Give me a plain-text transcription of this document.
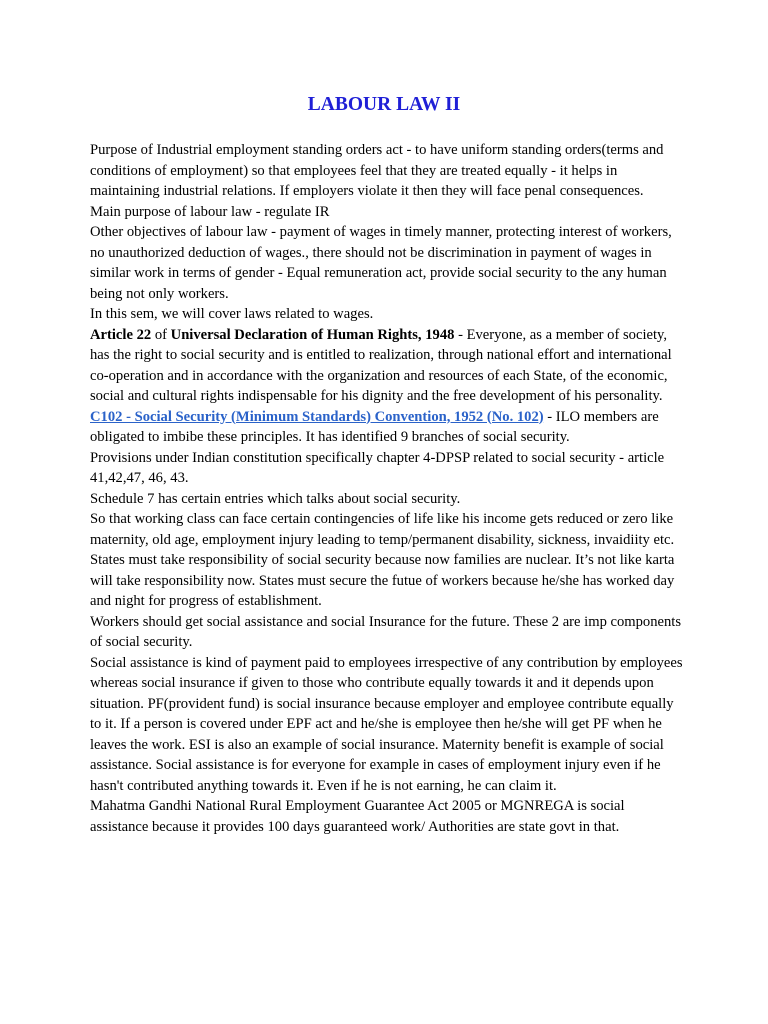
LABOUR LAW II

Purpose of Industrial employment standing orders act - to have uniform standing orders(terms and conditions of employment) so that employees feel that they are treated equally - it helps in maintaining industrial relations. If employers violate it then they will face penal consequences.

Main purpose of labour law - regulate IR

Other objectives of labour law - payment of wages in timely manner, protecting interest of workers, no unauthorized deduction of wages., there should not be discrimination in payment of wages in similar work in terms of gender - Equal remuneration act, provide social security to the any human being not only workers.

In this sem, we will cover laws related to wages.

Article 22 of Universal Declaration of Human Rights, 1948 - Everyone, as a member of society, has the right to social security and is entitled to realization, through national effort and international co-operation and in accordance with the organization and resources of each State, of the economic, social and cultural rights indispensable for his dignity and the free development of his personality.

C102 - Social Security (Minimum Standards) Convention, 1952 (No. 102) - ILO members are obligated to imbibe these principles. It has identified 9 branches of social security.

Provisions under Indian constitution specifically chapter 4-DPSP related to social security - article 41,42,47, 46, 43.

Schedule 7 has certain entries which talks about social security.

So that working class can face certain contingencies of life like his income gets reduced or zero like maternity, old age, employment injury leading to temp/permanent disability, sickness, invaidiity etc.

States must take responsibility of social security because now families are nuclear. It’s not like karta will take responsibility now. States must secure the futue of workers because he/she has worked day and night for progress of establishment.

Workers should get social assistance and social Insurance for the future. These 2 are imp components of social security.

Social assistance is kind of payment paid to employees irrespective of any contribution by employees whereas social insurance if given to those who contribute equally towards it and it depends upon situation. PF(provident fund) is social insurance because employer and employee contribute equally to it. If a person is covered under EPF act and he/she is employee then he/she will get PF when he leaves the work. ESI is also an example of social insurance. Maternity benefit is example of social assistance. Social assistance is for everyone for example in cases of employment injury even if he hasn't contributed anything towards it. Even if he is not earning, he can claim it.

Mahatma Gandhi National Rural Employment Guarantee Act 2005 or MGNREGA is social assistance because it provides 100 days guaranteed work/ Authorities are state govt in that.
